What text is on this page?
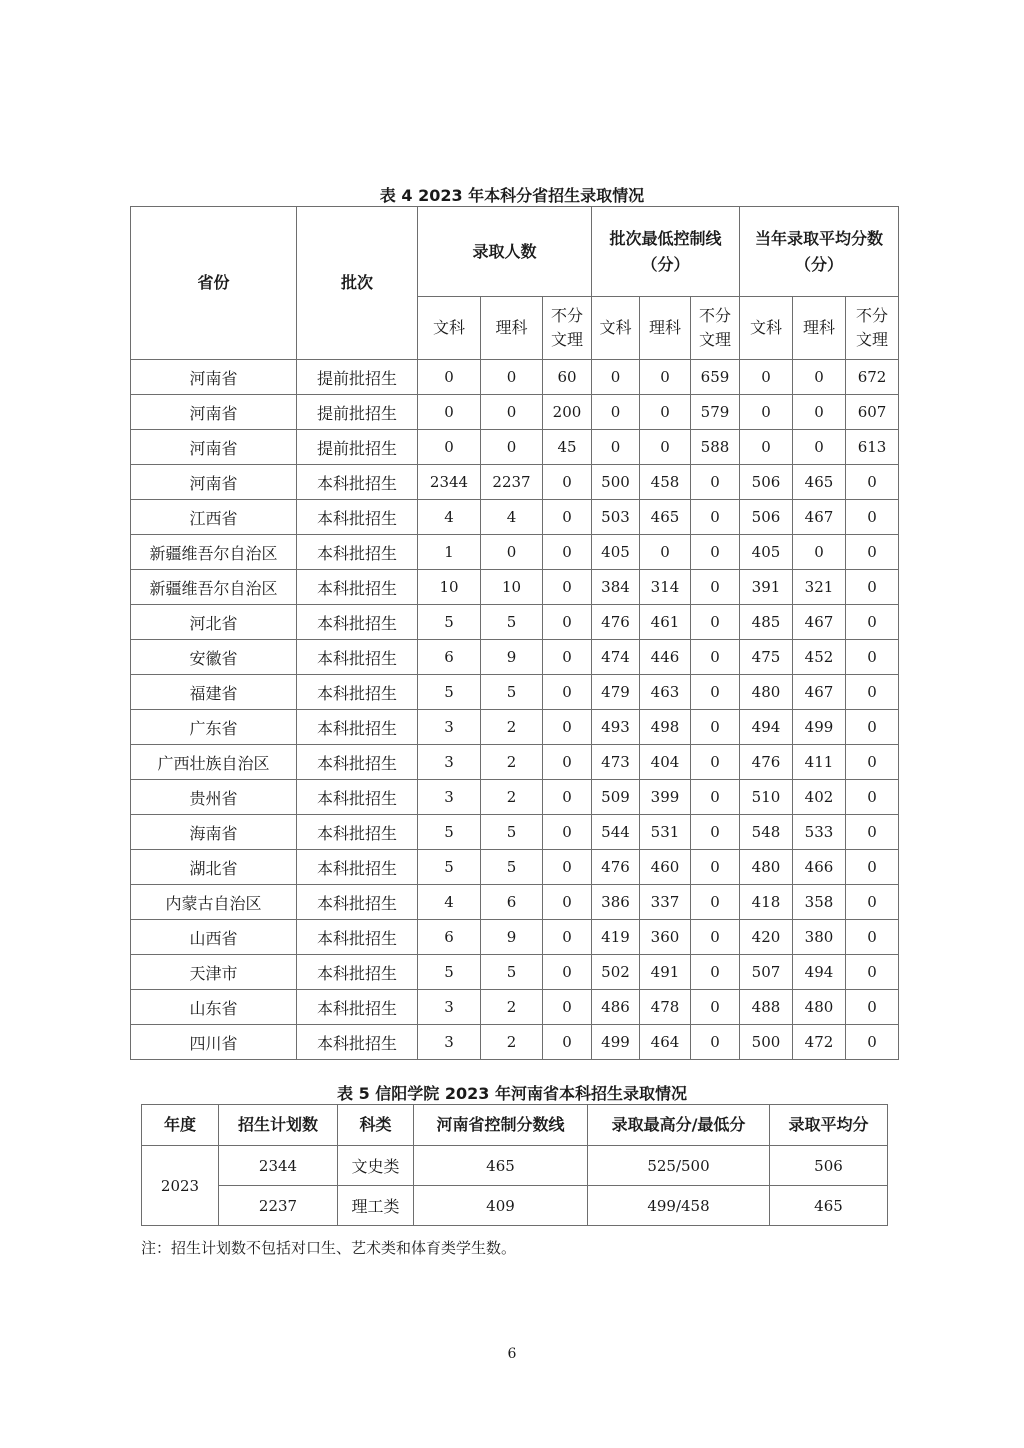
表 4 2023 年本科分省招生录取情况
省份	批次	录取人数			批次最低控制线（分）			当年录取平均分数（分）		
		文科	理科	不分文理	文科	理科	不分文理	文科	理科	不分文理
河南省	提前批招生	0	0	60	0	0	659	0	0	672
河南省	提前批招生	0	0	200	0	0	579	0	0	607
河南省	提前批招生	0	0	45	0	0	588	0	0	613
河南省	本科批招生	2344	2237	0	500	458	0	506	465	0
江西省	本科批招生	4	4	0	503	465	0	506	467	0
新疆维吾尔自治区	本科批招生	1	0	0	405	0	0	405	0	0
新疆维吾尔自治区	本科批招生	10	10	0	384	314	0	391	321	0
河北省	本科批招生	5	5	0	476	461	0	485	467	0
安徽省	本科批招生	6	9	0	474	446	0	475	452	0
福建省	本科批招生	5	5	0	479	463	0	480	467	0
广东省	本科批招生	3	2	0	493	498	0	494	499	0
广西壮族自治区	本科批招生	3	2	0	473	404	0	476	411	0
贵州省	本科批招生	3	2	0	509	399	0	510	402	0
海南省	本科批招生	5	5	0	544	531	0	548	533	0
湖北省	本科批招生	5	5	0	476	460	0	480	466	0
内蒙古自治区	本科批招生	4	6	0	386	337	0	418	358	0
山西省	本科批招生	6	9	0	419	360	0	420	380	0
天津市	本科批招生	5	5	0	502	491	0	507	494	0
山东省	本科批招生	3	2	0	486	478	0	488	480	0
四川省	本科批招生	3	2	0	499	464	0	500	472	0
表 5 信阳学院 2023 年河南省本科招生录取情况
年度	招生计划数	科类	河南省控制分数线	录取最高分/最低分	录取平均分
2023	2344	文史类	465	525/500	506
	2237	理工类	409	499/458	465
注：招生计划数不包括对口生、艺术类和体育类学生数。
6
